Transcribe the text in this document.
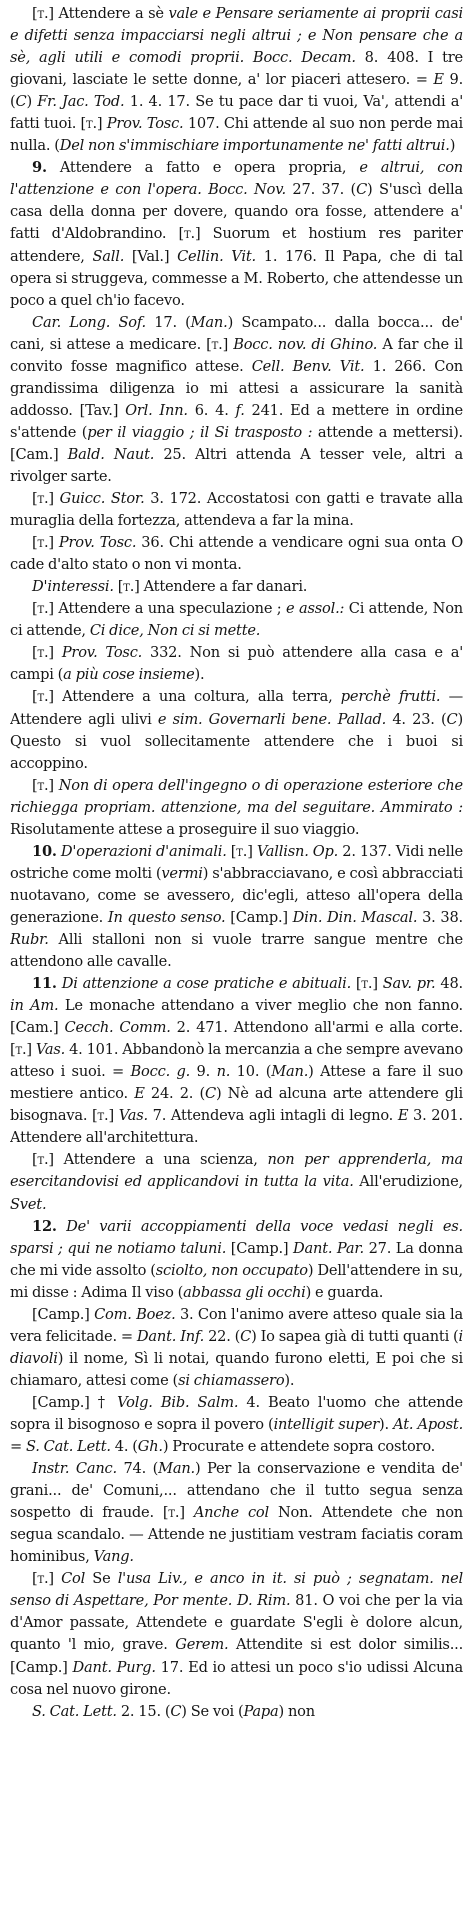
[t.] Attendere a sè vale e Pensare seriamente ai proprii casi e difetti senza impacciarsi negli altrui ; e Non pensare che a sè, agli utili e comodi proprii. Bocc. Decam. 8. 408. I tre giovani, lasciate le sette donne, a' lor piaceri attesero. = E 9. (C) Fr. Jac. Tod. 1. 4. 17. Se tu pace dar ti vuoi, Va', attendi a' fatti tuoi. [t.] Prov. Tosc. 107. Chi attende al suo non perde mai nulla. (Del non s'immischiare importunamente ne' fatti altrui.)

9. Attendere a fatto e opera propria, e altrui, con l'attenzione e con l'opera. Bocc. Nov. 27. 37. (C) S'uscì della casa della donna per dovere, quando ora fosse, attendere a' fatti d'Aldobrandino. [t.] Suorum et hostium res pariter attendere, Sall. [Val.] Cellin. Vit. 1. 176. Il Papa, che di tal opera si struggeva, commesse a M. Roberto, che attendesse un poco a quel ch'io facevo.

Car. Long. Sof. 17. (Man.) Scampato... dalla bocca... de' cani, si attese a medicare. [t.] Bocc. nov. di Ghino. A far che il convito fosse magnifico attese. Cell. Benv. Vit. 1. 266. Con grandissima diligenza io mi attesi a assicurare la sanità addosso. [Tav.] Orl. Inn. 6. 4. f. 241. Ed a mettere in ordine s'attende (per il viaggio ; il Si trasposto : attende a mettersi). [Cam.] Bald. Naut. 25. Altri attenda A tesser vele, altri a rivolger sarte.

[t.] Guicc. Stor. 3. 172. Accostatosi con gatti e travate alla muraglia della fortezza, attendeva a far la mina.

[t.] Prov. Tosc. 36. Chi attende a vendicare ogni sua onta O cade d'alto stato o non vi monta.

D'interessi. [t.] Attendere a far danari.

[t.] Attendere a una speculazione ; e assol.: Ci attende, Non ci attende, Ci dice, Non ci si mette.

[t.] Prov. Tosc. 332. Non si può attendere alla casa e a' campi (a più cose insieme).

[t.] Attendere a una coltura, alla terra, perchè frutti. — Attendere agli ulivi e sim. Governarli bene. Pallad. 4. 23. (C) Questo si vuol sollecitamente attendere che i buoi si accoppino.

[t.] Non di opera dell'ingegno o di operazione esteriore che richiegga propriam. attenzione, ma del seguitare. Ammirato : Risolutamente attese a proseguire il suo viaggio.

10. D'operazioni d'animali. [t.] Vallisn. Op. 2. 137. Vidi nelle ostriche come molti (vermi) s'abbracciavano, e così abbracciati nuotavano, come se avessero, dic'egli, atteso all'opera della generazione. In questo senso. [Camp.] Din. Din. Mascal. 3. 38. Rubr. Alli stalloni non si vuole trarre sangue mentre che attendono alle cavalle.

11. Di attenzione a cose pratiche e abituali. [t.] Sav. pr. 48. in Am. Le monache attendano a viver meglio che non fanno. [Cam.] Cecch. Comm. 2. 471. Attendono all'armi e alla corte. [t.] Vas. 4. 101. Abbandonò la mercanzia a che sempre avevano atteso i suoi. = Bocc. g. 9. n. 10. (Man.) Attese a fare il suo mestiere antico. E 24. 2. (C) Nè ad alcuna arte attendere gli bisognava. [t.] Vas. 7. Attendeva agli intagli di legno. E 3. 201. Attendere all'architettura.

[t.] Attendere a una scienza, non per apprenderla, ma esercitandovisi ed applicandovi in tutta la vita. All'erudizione, Svet.

12. De' varii accoppiamenti della voce vedasi negli es. sparsi ; qui ne notiamo taluni. [Camp.] Dant. Par. 27. La donna che mi vide assolto (sciolto, non occupato) Dell'attendere in su, mi disse : Adima Il viso (abbassa gli occhi) e guarda.

[Camp.] Com. Boez. 3. Con l'animo avere atteso quale sia la vera felicitade. = Dant. Inf. 22. (C) Io sapea già di tutti quanti (i diavoli) il nome, Sì li notai, quando furono eletti, E poi che si chiamaro, attesi come (si chiamassero).

[Camp.] † Volg. Bib. Salm. 4. Beato l'uomo che attende sopra il bisognoso e sopra il povero (intelligit super). At. Apost. = S. Cat. Lett. 4. (Gh.) Procurate e attendete sopra costoro.

Instr. Canc. 74. (Man.) Per la conservazione e vendita de' grani... de' Comuni,... attendano che il tutto segua senza sospetto di fraude. [t.] Anche col Non. Attendete che non segua scandalo. — Attende ne justitiam vestram faciatis coram hominibus, Vang.

[t.] Col Se l'usa Liv., e anco in it. si può ; segnatam. nel senso di Aspettare, Por mente. D. Rim. 81. O voi che per la via d'Amor passate, Attendete e guardate S'egli è dolore alcun, quanto 'l mio, grave. Gerem. Attendite si est dolor similis... [Camp.] Dant. Purg. 17. Ed io attesi un poco s'io udissi Alcuna cosa nel nuovo girone.

S. Cat. Lett. 2. 15. (C) Se voi (Papa) non
